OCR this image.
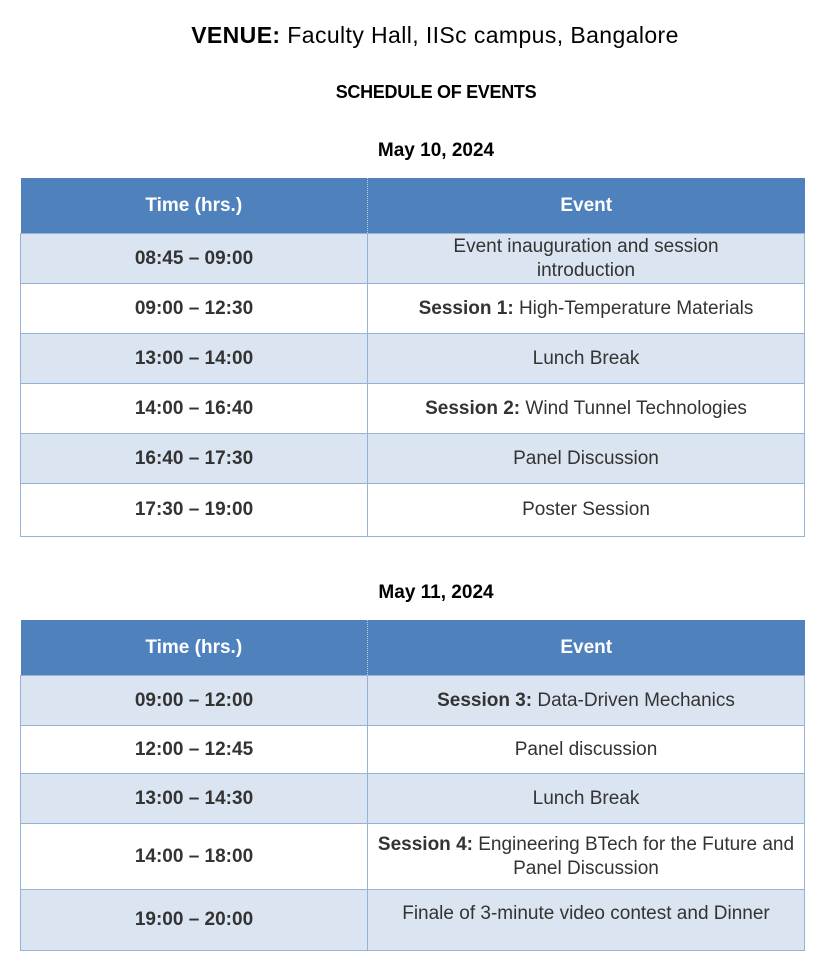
VENUE: Faculty Hall, IISc campus, Bangalore
SCHEDULE OF EVENTS
May 10, 2024
Time (hrs.)	Event
08:45 – 09:00	Event inauguration and session introduction
09:00 – 12:30	Session 1: High-Temperature Materials
13:00 – 14:00	Lunch Break
14:00 – 16:40	Session 2: Wind Tunnel Technologies
16:40 – 17:30	Panel Discussion
17:30 – 19:00	Poster Session
May 11, 2024
Time (hrs.)	Event
09:00 – 12:00	Session 3: Data-Driven Mechanics
12:00 – 12:45	Panel discussion
13:00 – 14:30	Lunch Break
14:00 – 18:00	Session 4: Engineering BTech for the Future and Panel Discussion
19:00 – 20:00	Finale of 3-minute video contest and Dinner
